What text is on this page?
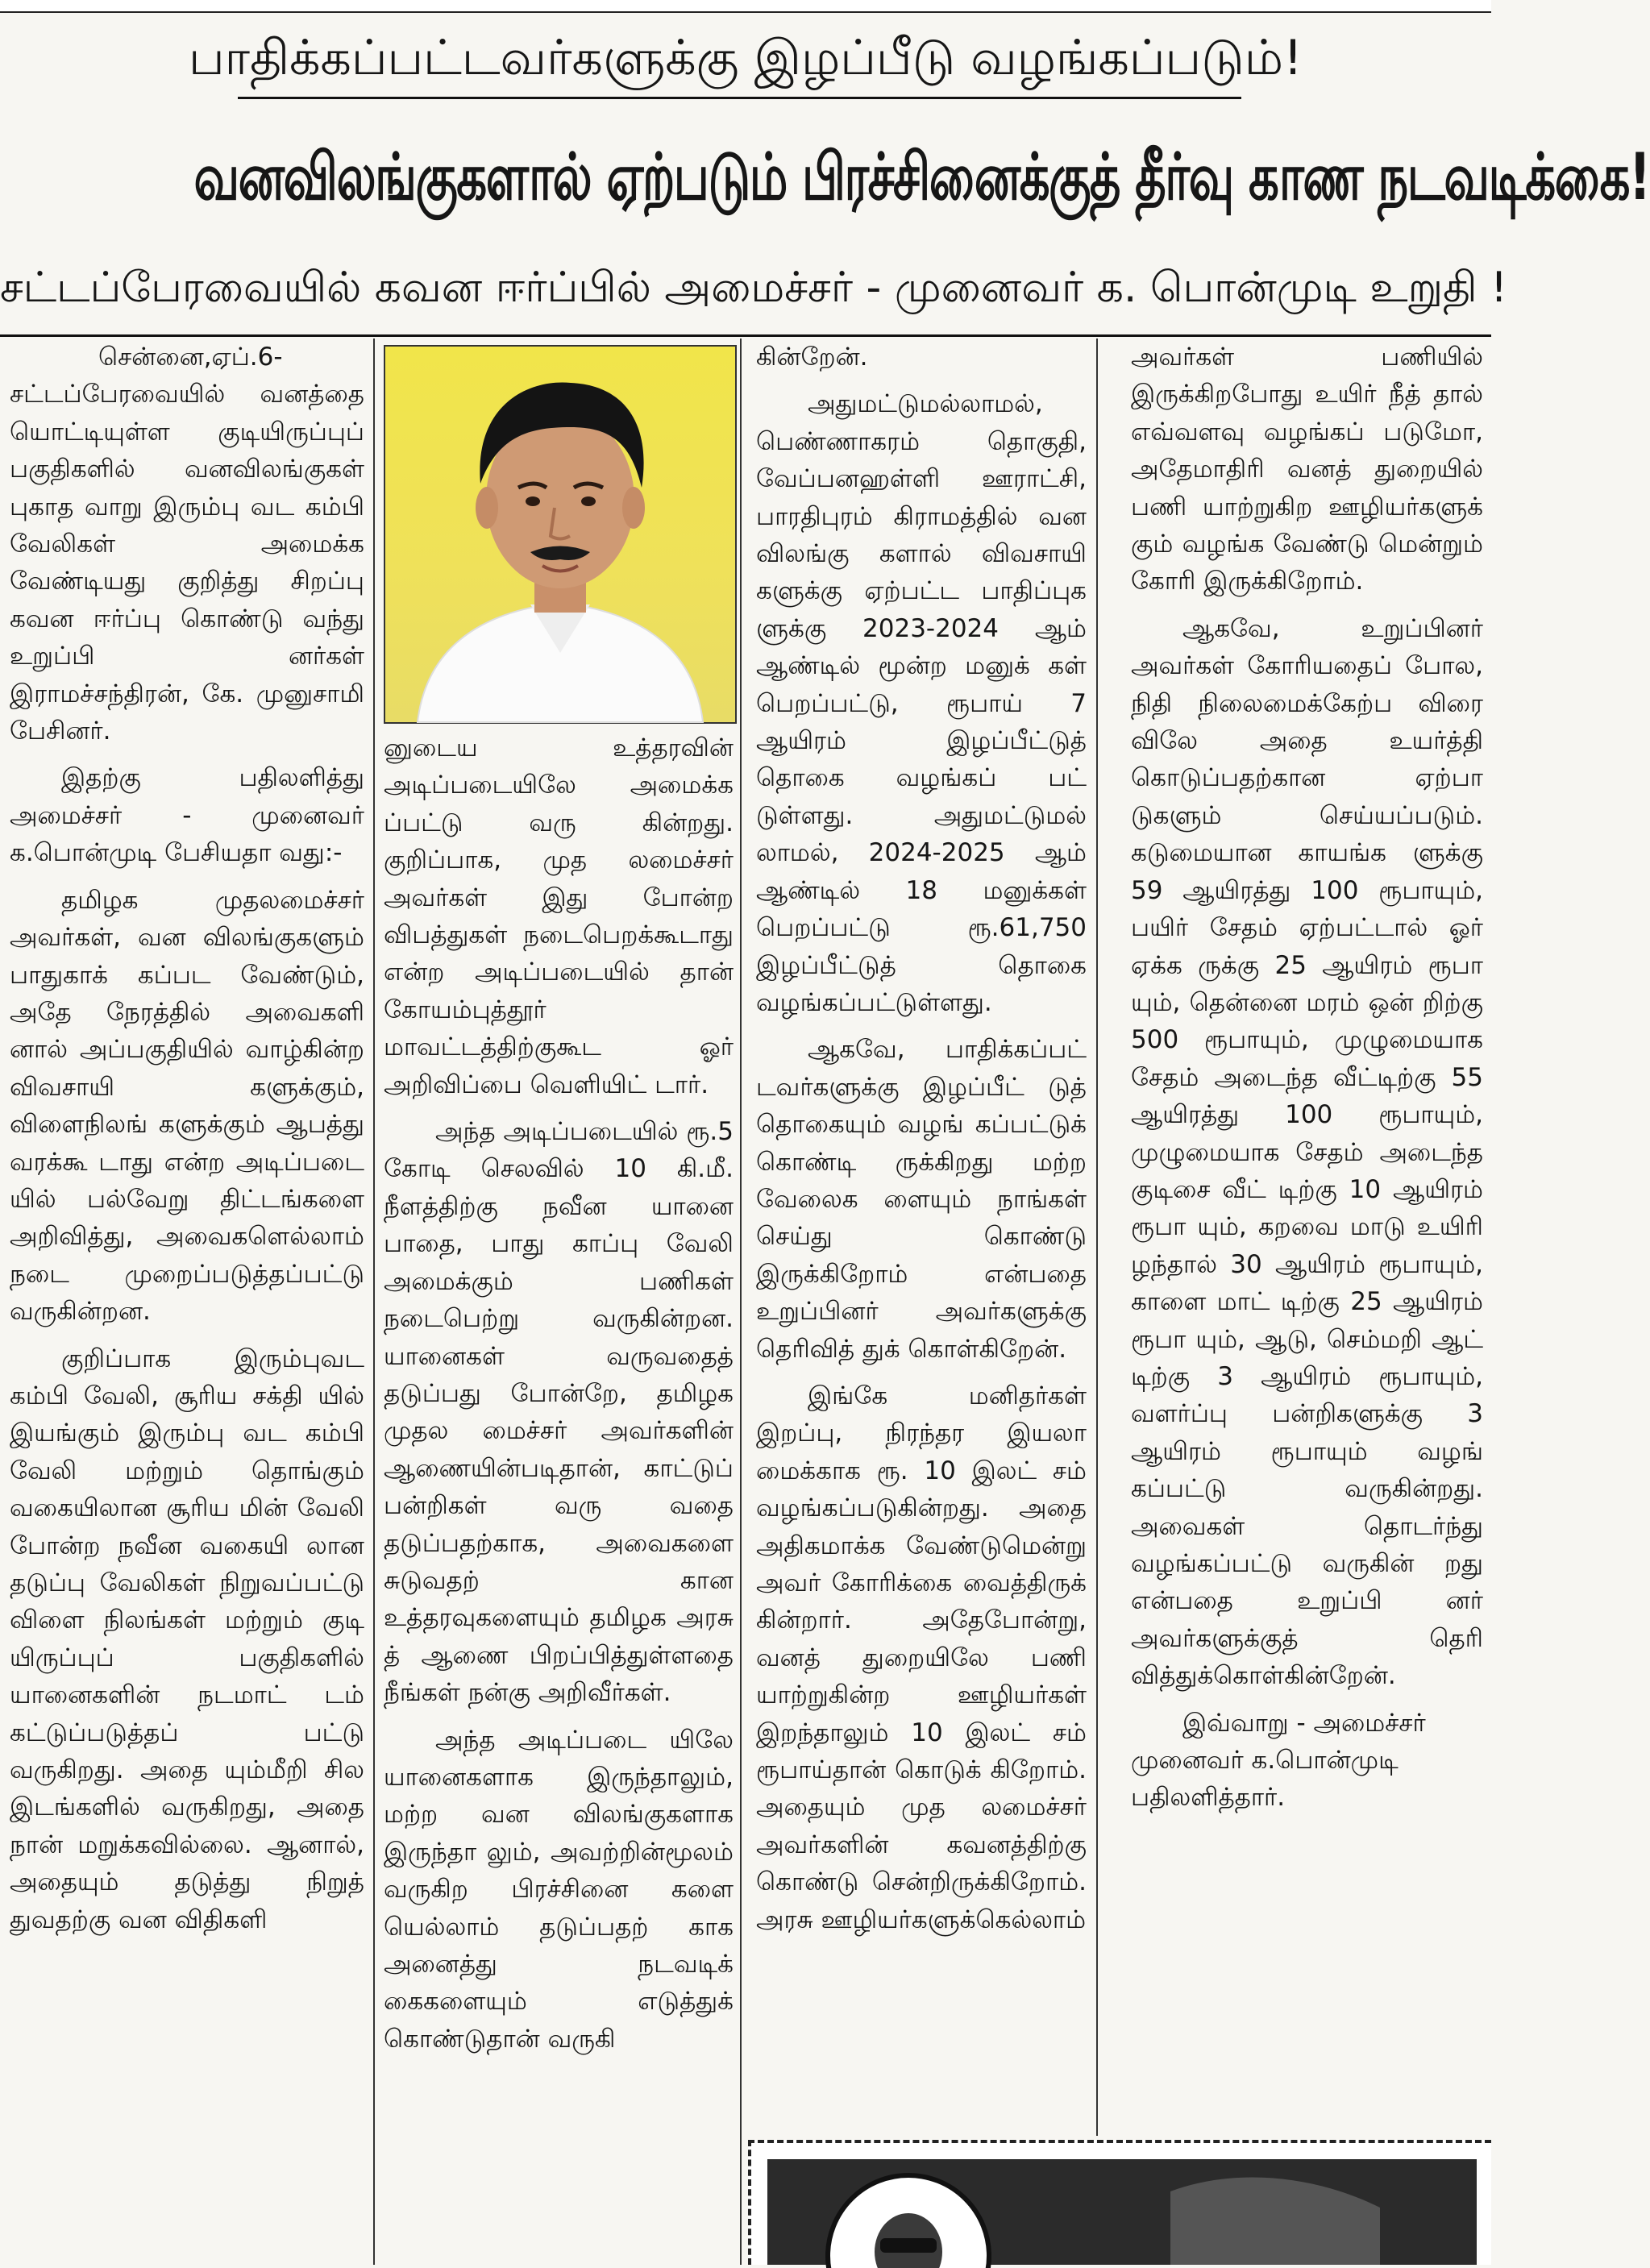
பாதிக்கப்பட்டவர்களுக்கு இழப்பீடு வழங்கப்படும்!
வனவிலங்குகளால் ஏற்படும் பிரச்சினைக்குத் தீர்வு காண நடவடிக்கை!
சட்டப்பேரவையில் கவன ஈர்ப்பில் அமைச்சர் - முனைவர் க. பொன்முடி உறுதி !

சென்னை,ஏப்.6- சட்டப்பேரவையில் வனத்தை யொட்டியுள்ள குடியிருப்புப் பகுதிகளில் வனவிலங்குகள் புகாத வாறு இரும்பு வட கம்பி வேலிகள் அமைக்க வேண்டியது குறித்து சிறப்பு கவன ஈர்ப்பு கொண்டு வந்து உறுப்பி னர்கள் இராமச்சந்திரன், கே. முனுசாமி பேசினர்.

இதற்கு பதிலளித்து அமைச்சர் - முனைவர் க.பொன்முடி பேசியதா வது:-

தமிழக முதலமைச்சர் அவர்கள், வன விலங்குகளும் பாதுகாக் கப்பட வேண்டும், அதே நேரத்தில் அவைகளி னால் அப்பகுதியில் வாழ்கின்ற விவசாயி களுக்கும், விளைநிலங் களுக்கும் ஆபத்து வரக்கூ டாது என்ற அடிப்படை யில் பல்வேறு திட்டங்களை அறிவித்து, அவைகளெல்லாம் நடை முறைப்படுத்தப்பட்டு வருகின்றன.

குறிப்பாக இரும்புவட கம்பி வேலி, சூரிய சக்தி யில் இயங்கும் இரும்பு வட கம்பி வேலி மற்றும் தொங்கும் வகையிலான சூரிய மின் வேலி போன்ற நவீன வகையி லான தடுப்பு வேலிகள் நிறுவப்பட்டு விளை நிலங்கள் மற்றும் குடி யிருப்புப் பகுதிகளில் யானைகளின் நடமாட் டம் கட்டுப்படுத்தப் பட்டு வருகிறது. அதை யும்மீறி சில இடங்களில் வருகிறது, அதை நான் மறுக்கவில்லை. ஆனால், அதையும் தடுத்து நிறுத் துவதற்கு வன விதிகளி

னுடைய உத்தரவின் அடிப்படையிலே அமைக்க ப்பட்டு வரு கின்றது. குறிப்பாக, முத லமைச்சர் அவர்கள் இது போன்ற விபத்துகள் நடைபெறக்கூடாது என்ற அடிப்படையில் தான் கோயம்புத்தூர் மாவட்டத்திற்குகூட ஓர் அறிவிப்பை வெளியிட் டார்.

அந்த அடிப்படையில் ரூ.5 கோடி செலவில் 10 கி.மீ. நீளத்திற்கு நவீன யானை பாதை, பாது காப்பு வேலி அமைக்கும் பணிகள் நடைபெற்று வருகின்றன. யானைகள் வருவதைத் தடுப்பது போன்றே, தமிழக முதல மைச்சர் அவர்களின் ஆணையின்படிதான், காட்டுப் பன்றிகள் வரு வதை தடுப்பதற்காக, அவைகளை சுடுவதற் கான உத்தரவுகளையும் தமிழக அரசு த் ஆணை பிறப்பித்துள்ளதை நீங்கள் நன்கு அறிவீர்கள்.

அந்த அடிப்படை யிலே யானைகளாக இருந்தாலும், மற்ற வன விலங்குகளாக இருந்தா லும், அவற்றின்மூலம் வருகிற பிரச்சினை களை யெல்லாம் தடுப்பதற் காக அனைத்து நடவடிக் கைகளையும் எடுத்துக் கொண்டுதான் வருகி

கின்றேன்.

அதுமட்டுமல்லாமல், பெண்ணாகரம் தொகுதி, வேப்பனஹள்ளி ஊராட்சி, பாரதிபுரம் கிராமத்தில் வன விலங்கு களால் விவசாயி களுக்கு ஏற்பட்ட பாதிப்புக ளுக்கு 2023-2024 ஆம் ஆண்டில் மூன்ற மனுக் கள் பெறப்பட்டு, ரூபாய் 7 ஆயிரம் இழப்பீட்டுத் தொகை வழங்கப் பட் டுள்ளது. அதுமட்டுமல் லாமல், 2024-2025 ஆம் ஆண்டில் 18 மனுக்கள் பெறப்பட்டு ரூ.61,750 இழப்பீட்டுத் தொகை வழங்கப்பட்டுள்ளது.

ஆகவே, பாதிக்கப்பட் டவர்களுக்கு இழப்பீட் டுத் தொகையும் வழங் கப்பட்டுக் கொண்டி ருக்கிறது மற்ற வேலைக ளையும் நாங்கள் செய்து கொண்டு இருக்கிறோம் என்பதை உறுப்பினர் அவர்களுக்கு தெரிவித் துக் கொள்கிறேன்.

இங்கே மனிதர்கள் இறப்பு, நிரந்தர இயலா மைக்காக ரூ. 10 இலட் சம் வழங்கப்படுகின்றது. அதை அதிகமாக்க வேண்டுமென்று அவர் கோரிக்கை வைத்திருக் கின்றார். அதேபோன்று, வனத் துறையிலே பணி யாற்றுகின்ற ஊழியர்கள் இறந்தாலும் 10 இலட் சம் ரூபாய்தான் கொடுக் கிறோம். அதையும் முத லமைச்சர் அவர்களின் கவனத்திற்கு கொண்டு சென்றிருக்கிறோம். அரசு ஊழியர்களுக்கெல்லாம்

அவர்கள் பணியில் இருக்கிறபோது உயிர் நீத் தால் எவ்வளவு வழங்கப் படுமோ, அதேமாதிரி வனத் துறையில் பணி யாற்றுகிற ஊழியர்களுக் கும் வழங்க வேண்டு மென்றும் கோரி இருக்கிறோம்.

ஆகவே, உறுப்பினர் அவர்கள் கோரியதைப் போல, நிதி நிலைமைக்கேற்ப விரை விலே அதை உயர்த்தி கொடுப்பதற்கான ஏற்பா டுகளும் செய்யப்படும். கடுமையான காயங்க ளுக்கு 59 ஆயிரத்து 100 ரூபாயும், பயிர் சேதம் ஏற்பட்டால் ஓர் ஏக்க ருக்கு 25 ஆயிரம் ரூபா யும், தென்னை மரம் ஒன் றிற்கு 500 ரூபாயும், முழுமையாக சேதம் அடைந்த வீட்டிற்கு 55 ஆயிரத்து 100 ரூபாயும், முழுமையாக சேதம் அடைந்த குடிசை வீட் டிற்கு 10 ஆயிரம் ரூபா யும், கறவை மாடு உயிரி ழந்தால் 30 ஆயிரம் ரூபாயும், காளை மாட் டிற்கு 25 ஆயிரம் ரூபா யும், ஆடு, செம்மறி ஆட் டிற்கு 3 ஆயிரம் ரூபாயும், வளர்ப்பு பன்றிகளுக்கு 3 ஆயிரம் ரூபாயும் வழங் கப்பட்டு வருகின்றது. அவைகள் தொடர்ந்து வழங்கப்பட்டு வருகின் றது என்பதை உறுப்பி னர் அவர்களுக்குத் தெரி வித்துக்கொள்கின்றேன்.

இவ்வாறு - அமைச்சர் முனைவர் க.பொன்முடி பதிலளித்தார்.
